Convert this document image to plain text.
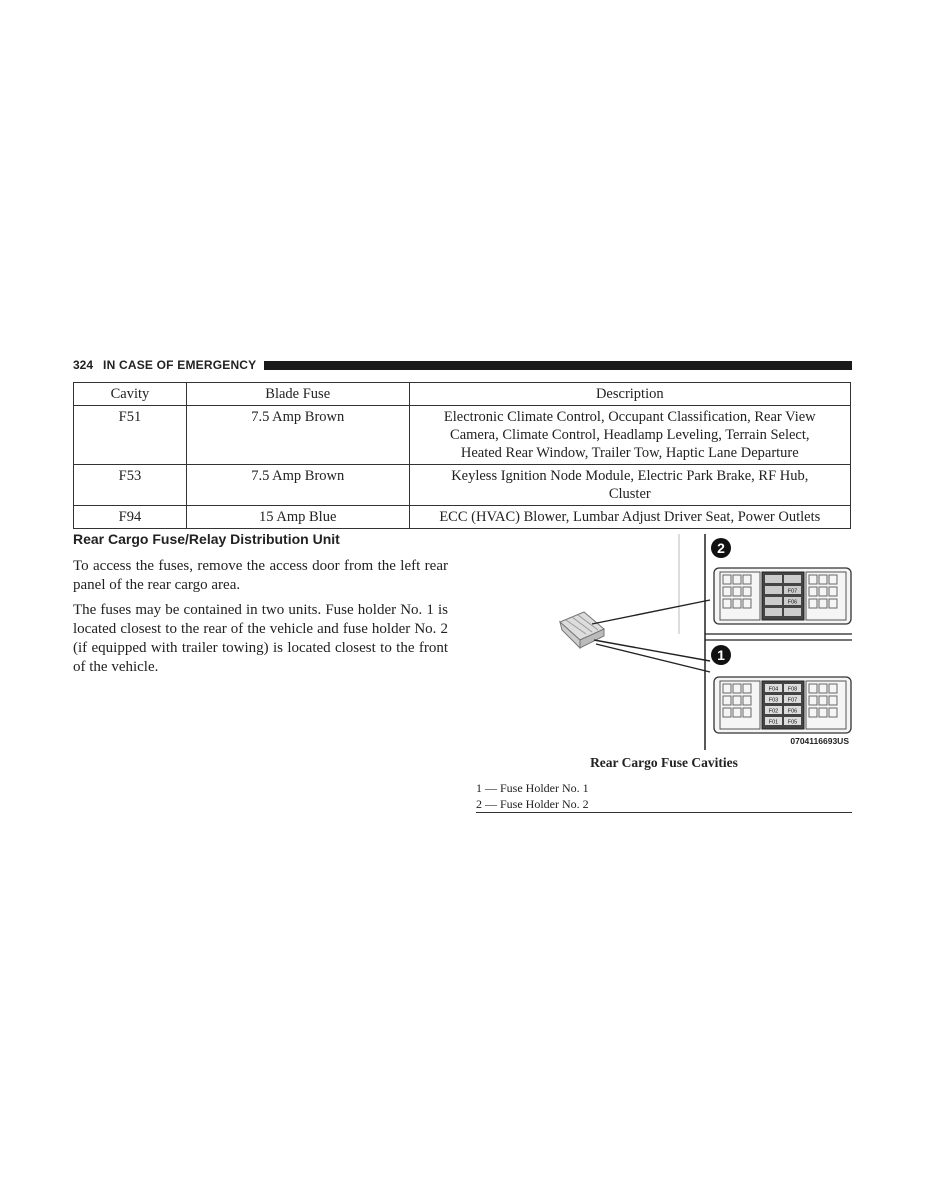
324 IN CASE OF EMERGENCY
Cavity	Blade Fuse	Description
F51	7.5 Amp Brown	Electronic Climate Control, Occupant Classification, Rear View
Camera, Climate Control, Headlamp Leveling, Terrain Select,
Heated Rear Window, Trailer Tow, Haptic Lane Departure

F53	7.5 Amp Brown	Keyless Ignition Node Module, Electric Park Brake, RF Hub,
Cluster

F94	15 Amp Blue	ECC (HVAC) Blower, Lumbar Adjust Driver Seat, Power Outlets
Rear Cargo Fuse/Relay Distribution Unit

To access the fuses, remove the access door from the left rear panel of the rear cargo area.

The fuses may be contained in two units. Fuse holder No. 1 is located closest to the rear of the vehicle and fuse holder No. 2 (if equipped with trailer towing) is located closest to the front of the vehicle.

2
1
F07
F06
F04 F08
F03 F07
F02 F06
F01 F05
0704116693US
Rear Cargo Fuse Cavities
1 — Fuse Holder No. 1
2 — Fuse Holder No. 2
